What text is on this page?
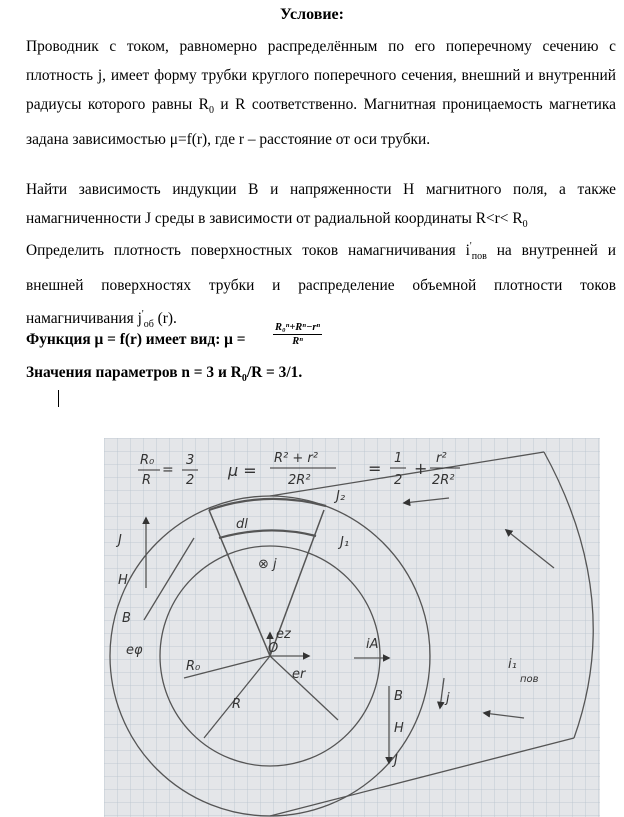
Условие:
Проводник с током, равномерно распределённым по его поперечному сечению с плотность j, имеет форму трубки круглого поперечного сечения, внешний и внутренний радиусы которого равны $R_0$ и R соответственно. Магнитная проницаемость магнетика задана зависимостью μ=f(r), где r – расстояние от оси трубки.
Найти зависимость индукции B и напряженности H магнитного поля, а также намагниченности J среды в зависимости от радиальной координаты $R<r< R_0$
Определить плотность поверхностных токов намагничивания $i'_{пов}$ на внутренней и внешней поверхностях трубки и распределение объемной плотности токов намагничивания $j'_{об}$ (r).
Функция μ = f(r) имеет вид: μ =	$\frac{\text{R₀ⁿ+Rⁿ−rⁿ}}{\text{Rⁿ}}$
Значения параметров n = 3 и $R_0/R = 3/1$.
R₀
R
=
3
2
μ =
R² + r²
2R²
=
1
2
+
r²
2R²
J₂
J₁
dl
⊗ j
J
H
B
eφ
ez
O
R₀
R
er
iA
B
H
J
j
i₁
пов
